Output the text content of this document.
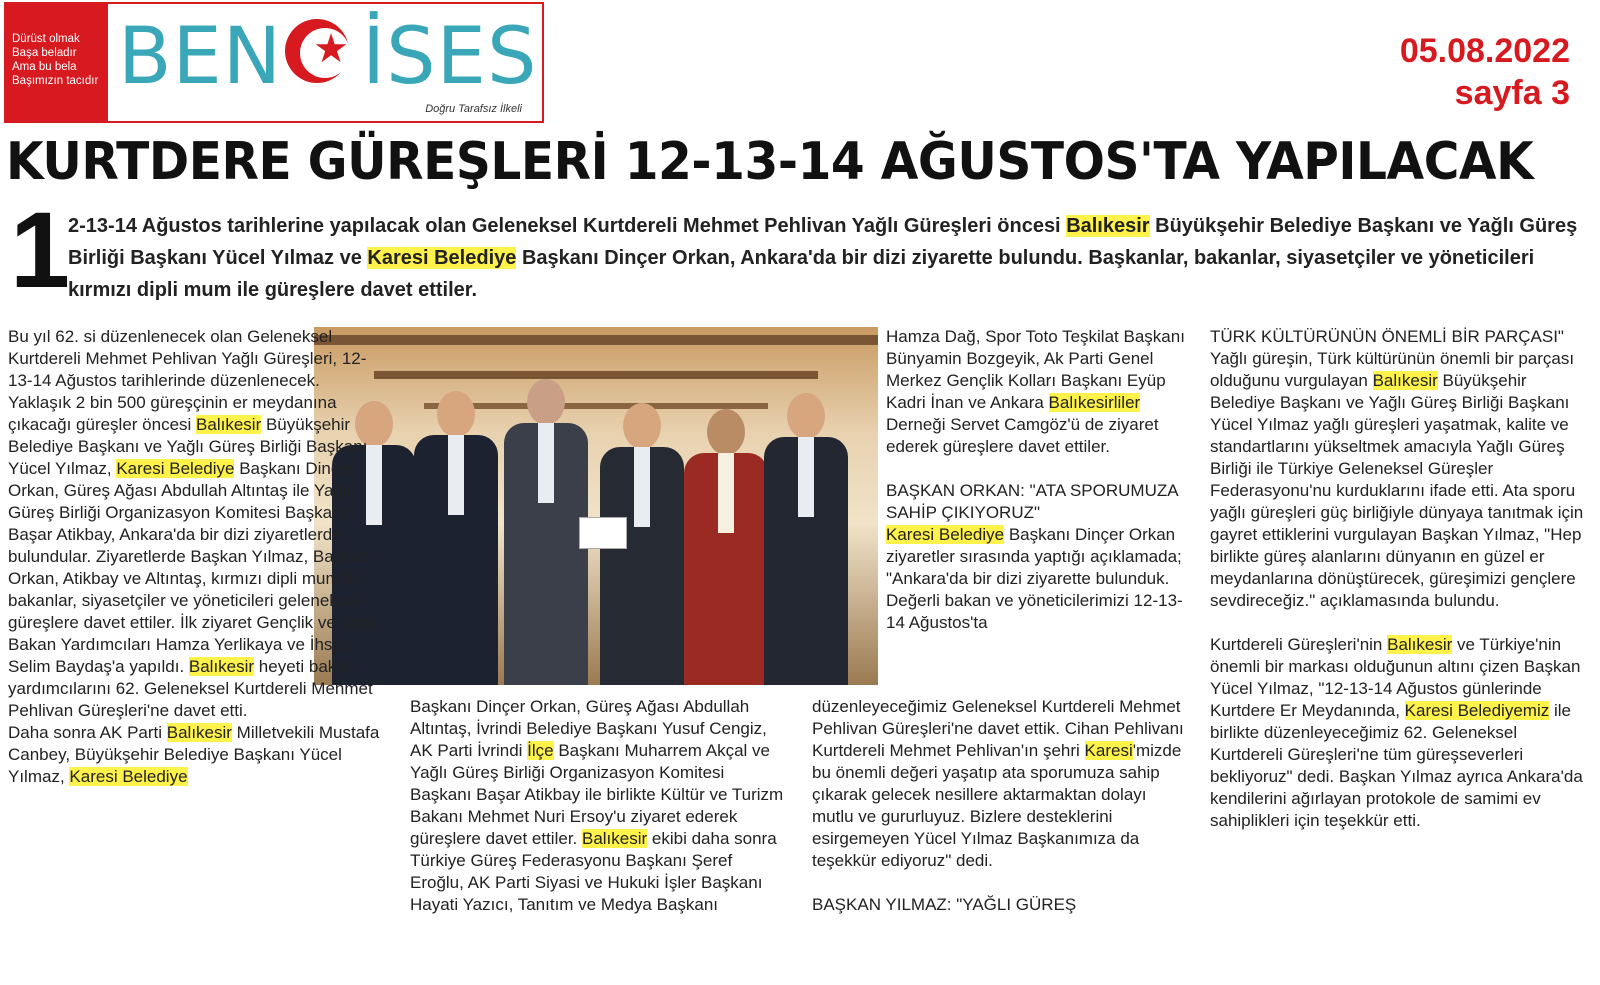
Dürüst olmak
Başa beladır
Ama bu bela
Başımızın tacıdır BEN ★ İSES
Doğru Tarafsız İlkeli
05.08.2022
sayfa 3
KURTDERE GÜREŞLERİ 12-13-14 AĞUSTOS'TA YAPILACAK
1
2-13-14 Ağustos tarihlerine yapılacak olan Geleneksel Kurtdereli Mehmet Pehlivan Yağlı Güreşleri öncesi Balıkesir Büyükşehir Belediye Başkanı ve Yağlı Güreş Birliği Başkanı Yücel Yılmaz ve Karesi Belediye Başkanı Dinçer Orkan, Ankara'da bir dizi ziyarette bulundu. Başkanlar, bakanlar, siyasetçiler ve yöneticileri kırmızı dipli mum ile güreşlere davet ettiler.

Bu yıl 62. si düzenlenecek olan Geleneksel Kurtdereli Mehmet Pehlivan Yağlı Güreşleri, 12-13-14 Ağustos tarihlerinde düzenlenecek. Yaklaşık 2 bin 500 güreşçinin er meydanına çıkacağı güreşler öncesi Balıkesir Büyükşehir Belediye Başkanı ve Yağlı Güreş Birliği Başkanı Yücel Yılmaz, Karesi Belediye Başkanı Dinçer Orkan, Güreş Ağası Abdullah Altıntaş ile Yağlı Güreş Birliği Organizasyon Komitesi Başkanı Başar Atikbay, Ankara'da bir dizi ziyaretlerde bulundular. Ziyaretlerde Başkan Yılmaz, Başkan Orkan, Atikbay ve Altıntaş, kırmızı dipli mum ile bakanlar, siyasetçiler ve yöneticileri geleneksel güreşlere davet ettiler. İlk ziyaret Gençlik ve Spor Bakan Yardımcıları Hamza Yerlikaya ve İhsan Selim Baydaş'a yapıldı. Balıkesir heyeti bakan yardımcılarını 62. Geleneksel Kurtdereli Mehmet Pehlivan Güreşleri'ne davet etti.

Daha sonra AK Parti Balıkesir Milletvekili Mustafa Canbey, Büyükşehir Belediye Başkanı Yücel Yılmaz, Karesi Belediye

Başkanı Dinçer Orkan, Güreş Ağası Abdullah Altıntaş, İvrindi Belediye Başkanı Yusuf Cengiz, AK Parti İvrindi İlçe Başkanı Muharrem Akçal ve Yağlı Güreş Birliği Organizasyon Komitesi Başkanı Başar Atikbay ile birlikte Kültür ve Turizm Bakanı Mehmet Nuri Ersoy'u ziyaret ederek güreşlere davet ettiler. Balıkesir ekibi daha sonra Türkiye Güreş Federasyonu Başkanı Şeref Eroğlu, AK Parti Siyasi ve Hukuki İşler Başkanı Hayati Yazıcı, Tanıtım ve Medya Başkanı

Hamza Dağ, Spor Toto Teşkilat Başkanı Bünyamin Bozgeyik, Ak Parti Genel Merkez Gençlik Kolları Başkanı Eyüp Kadri İnan ve Ankara Balıkesirliler Derneği Servet Camgöz'ü de ziyaret ederek güreşlere davet ettiler.

BAŞKAN ORKAN: "ATA SPORUMUZA SAHİP ÇIKIYORUZ"

Karesi Belediye Başkanı Dinçer Orkan ziyaretler sırasında yaptığı açıklamada; "Ankara'da bir dizi ziyarette bulunduk. Değerli bakan ve yöneticilerimizi 12-13-14 Ağustos'ta

düzenleyeceğimiz Geleneksel Kurtdereli Mehmet Pehlivan Güreşleri'ne davet ettik. Cihan Pehlivanı Kurtdereli Mehmet Pehlivan'ın şehri Karesi'mizde bu önemli değeri yaşatıp ata sporumuza sahip çıkarak gelecek nesillere aktarmaktan dolayı mutlu ve gururluyuz. Bizlere desteklerini esirgemeyen Yücel Yılmaz Başkanımıza da teşekkür ediyoruz" dedi.

BAŞKAN YILMAZ: "YAĞLI GÜREŞ

TÜRK KÜLTÜRÜNÜN ÖNEMLİ BİR PARÇASI"

Yağlı güreşin, Türk kültürünün önemli bir parçası olduğunu vurgulayan Balıkesir Büyükşehir Belediye Başkanı ve Yağlı Güreş Birliği Başkanı Yücel Yılmaz yağlı güreşleri yaşatmak, kalite ve standartlarını yükseltmek amacıyla Yağlı Güreş Birliği ile Türkiye Geleneksel Güreşler Federasyonu'nu kurduklarını ifade etti. Ata sporu yağlı güreşleri güç birliğiyle dünyaya tanıtmak için gayret ettiklerini vurgulayan Başkan Yılmaz, "Hep birlikte güreş alanlarını dünyanın en güzel er meydanlarına dönüştürecek, güreşimizi gençlere sevdireceğiz." açıklamasında bulundu.

Kurtdereli Güreşleri'nin Balıkesir ve Türkiye'nin önemli bir markası olduğunun altını çizen Başkan Yücel Yılmaz, "12-13-14 Ağustos günlerinde Kurtdere Er Meydanında, Karesi Belediyemiz ile birlikte düzenleyeceğimiz 62. Geleneksel Kurtdereli Güreşleri'ne tüm güreşseverleri bekliyoruz" dedi. Başkan Yılmaz ayrıca Ankara'da kendilerini ağırlayan protokole de samimi ev sahiplikleri için teşekkür etti.
